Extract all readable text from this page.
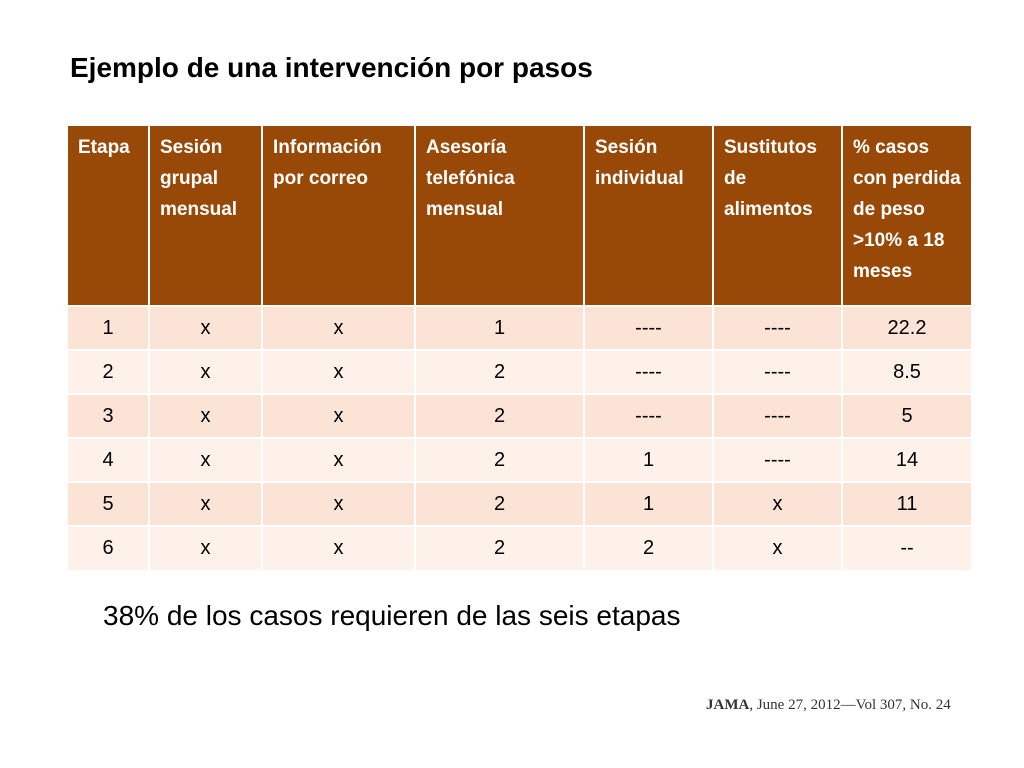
Ejemplo de una intervención por pasos
Etapa	Sesión grupal mensual	Información por correo	Asesoría telefónica mensual	Sesión individual	Sustitutos de alimentos	% casos con perdida de peso >10% a 18 meses
1	x	x	1	----	----	22.2
2	x	x	2	----	----	8.5
3	x	x	2	----	----	5
4	x	x	2	1	----	14
5	x	x	2	1	x	11
6	x	x	2	2	x	--
38% de los casos requieren de las seis etapas
JAMA, June 27, 2012—Vol 307, No. 24
